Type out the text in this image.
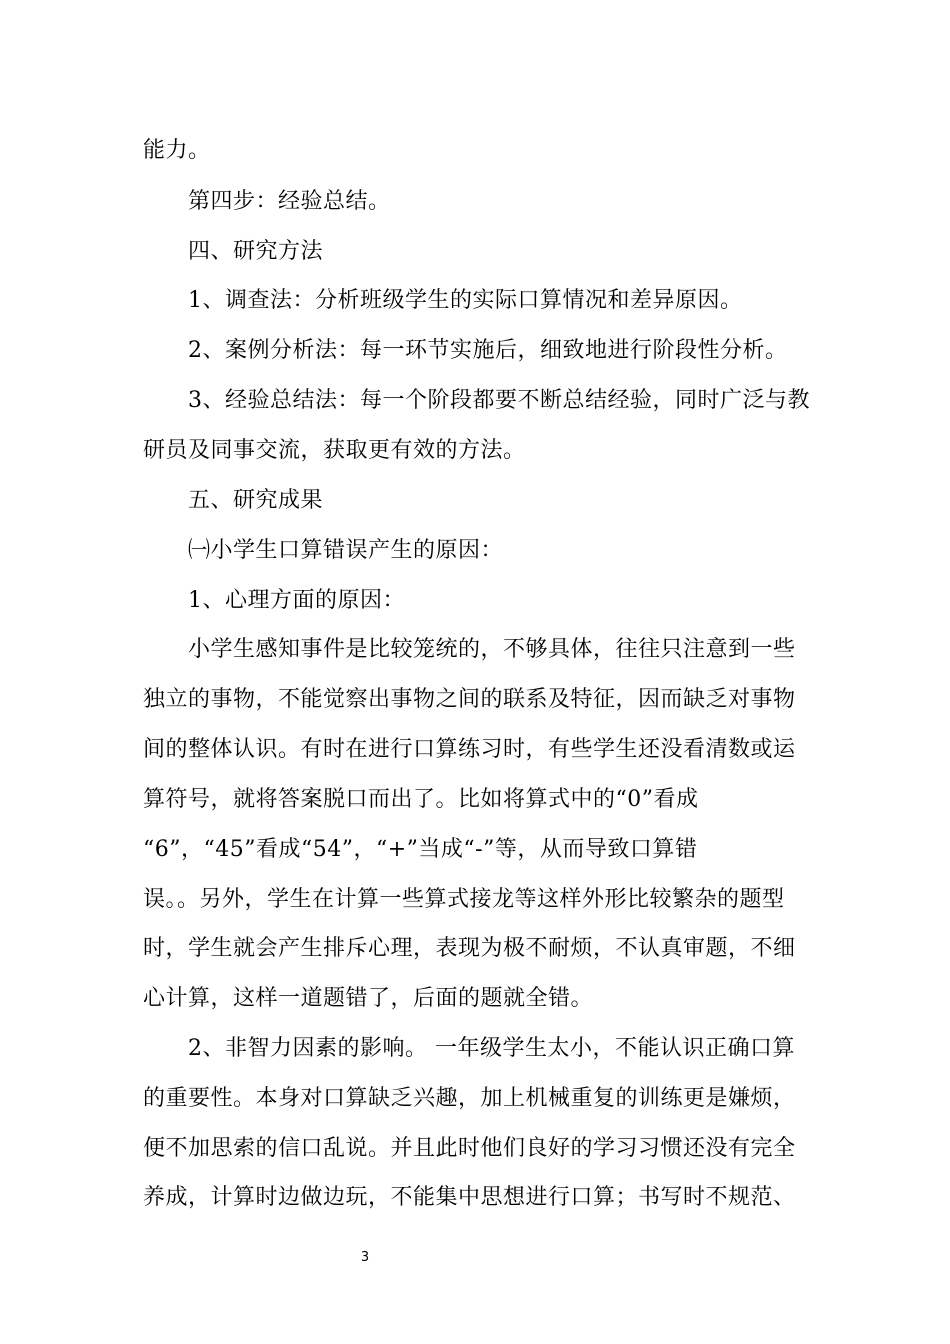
能力。

第四步：经验总结。

四、研究方法

1、调查法：分析班级学生的实际口算情况和差异原因。

2、案例分析法：每一环节实施后，细致地进行阶段性分析。

3、经验总结法：每一个阶段都要不断总结经验，同时广泛与教

研员及同事交流，获取更有效的方法。

五、研究成果

㈠小学生口算错误产生的原因：

1、心理方面的原因：

小学生感知事件是比较笼统的，不够具体，往往只注意到一些

独立的事物，不能觉察出事物之间的联系及特征，因而缺乏对事物

间的整体认识。有时在进行口算练习时，有些学生还没看清数或运

算符号，就将答案脱口而出了。比如将算式中的“0”看成

“6”，“45”看成“54”，“+”当成“-”等，从而导致口算错

误。。另外，学生在计算一些算式接龙等这样外形比较繁杂的题型

时，学生就会产生排斥心理，表现为极不耐烦，不认真审题，不细

心计算，这样一道题错了，后面的题就全错。

2、非智力因素的影响。 一年级学生太小，不能认识正确口算

的重要性。本身对口算缺乏兴趣，加上机械重复的训练更是嫌烦，

便不加思索的信口乱说。并且此时他们良好的学习习惯还没有完全

养成，计算时边做边玩，不能集中思想进行口算；书写时不规范、

3
